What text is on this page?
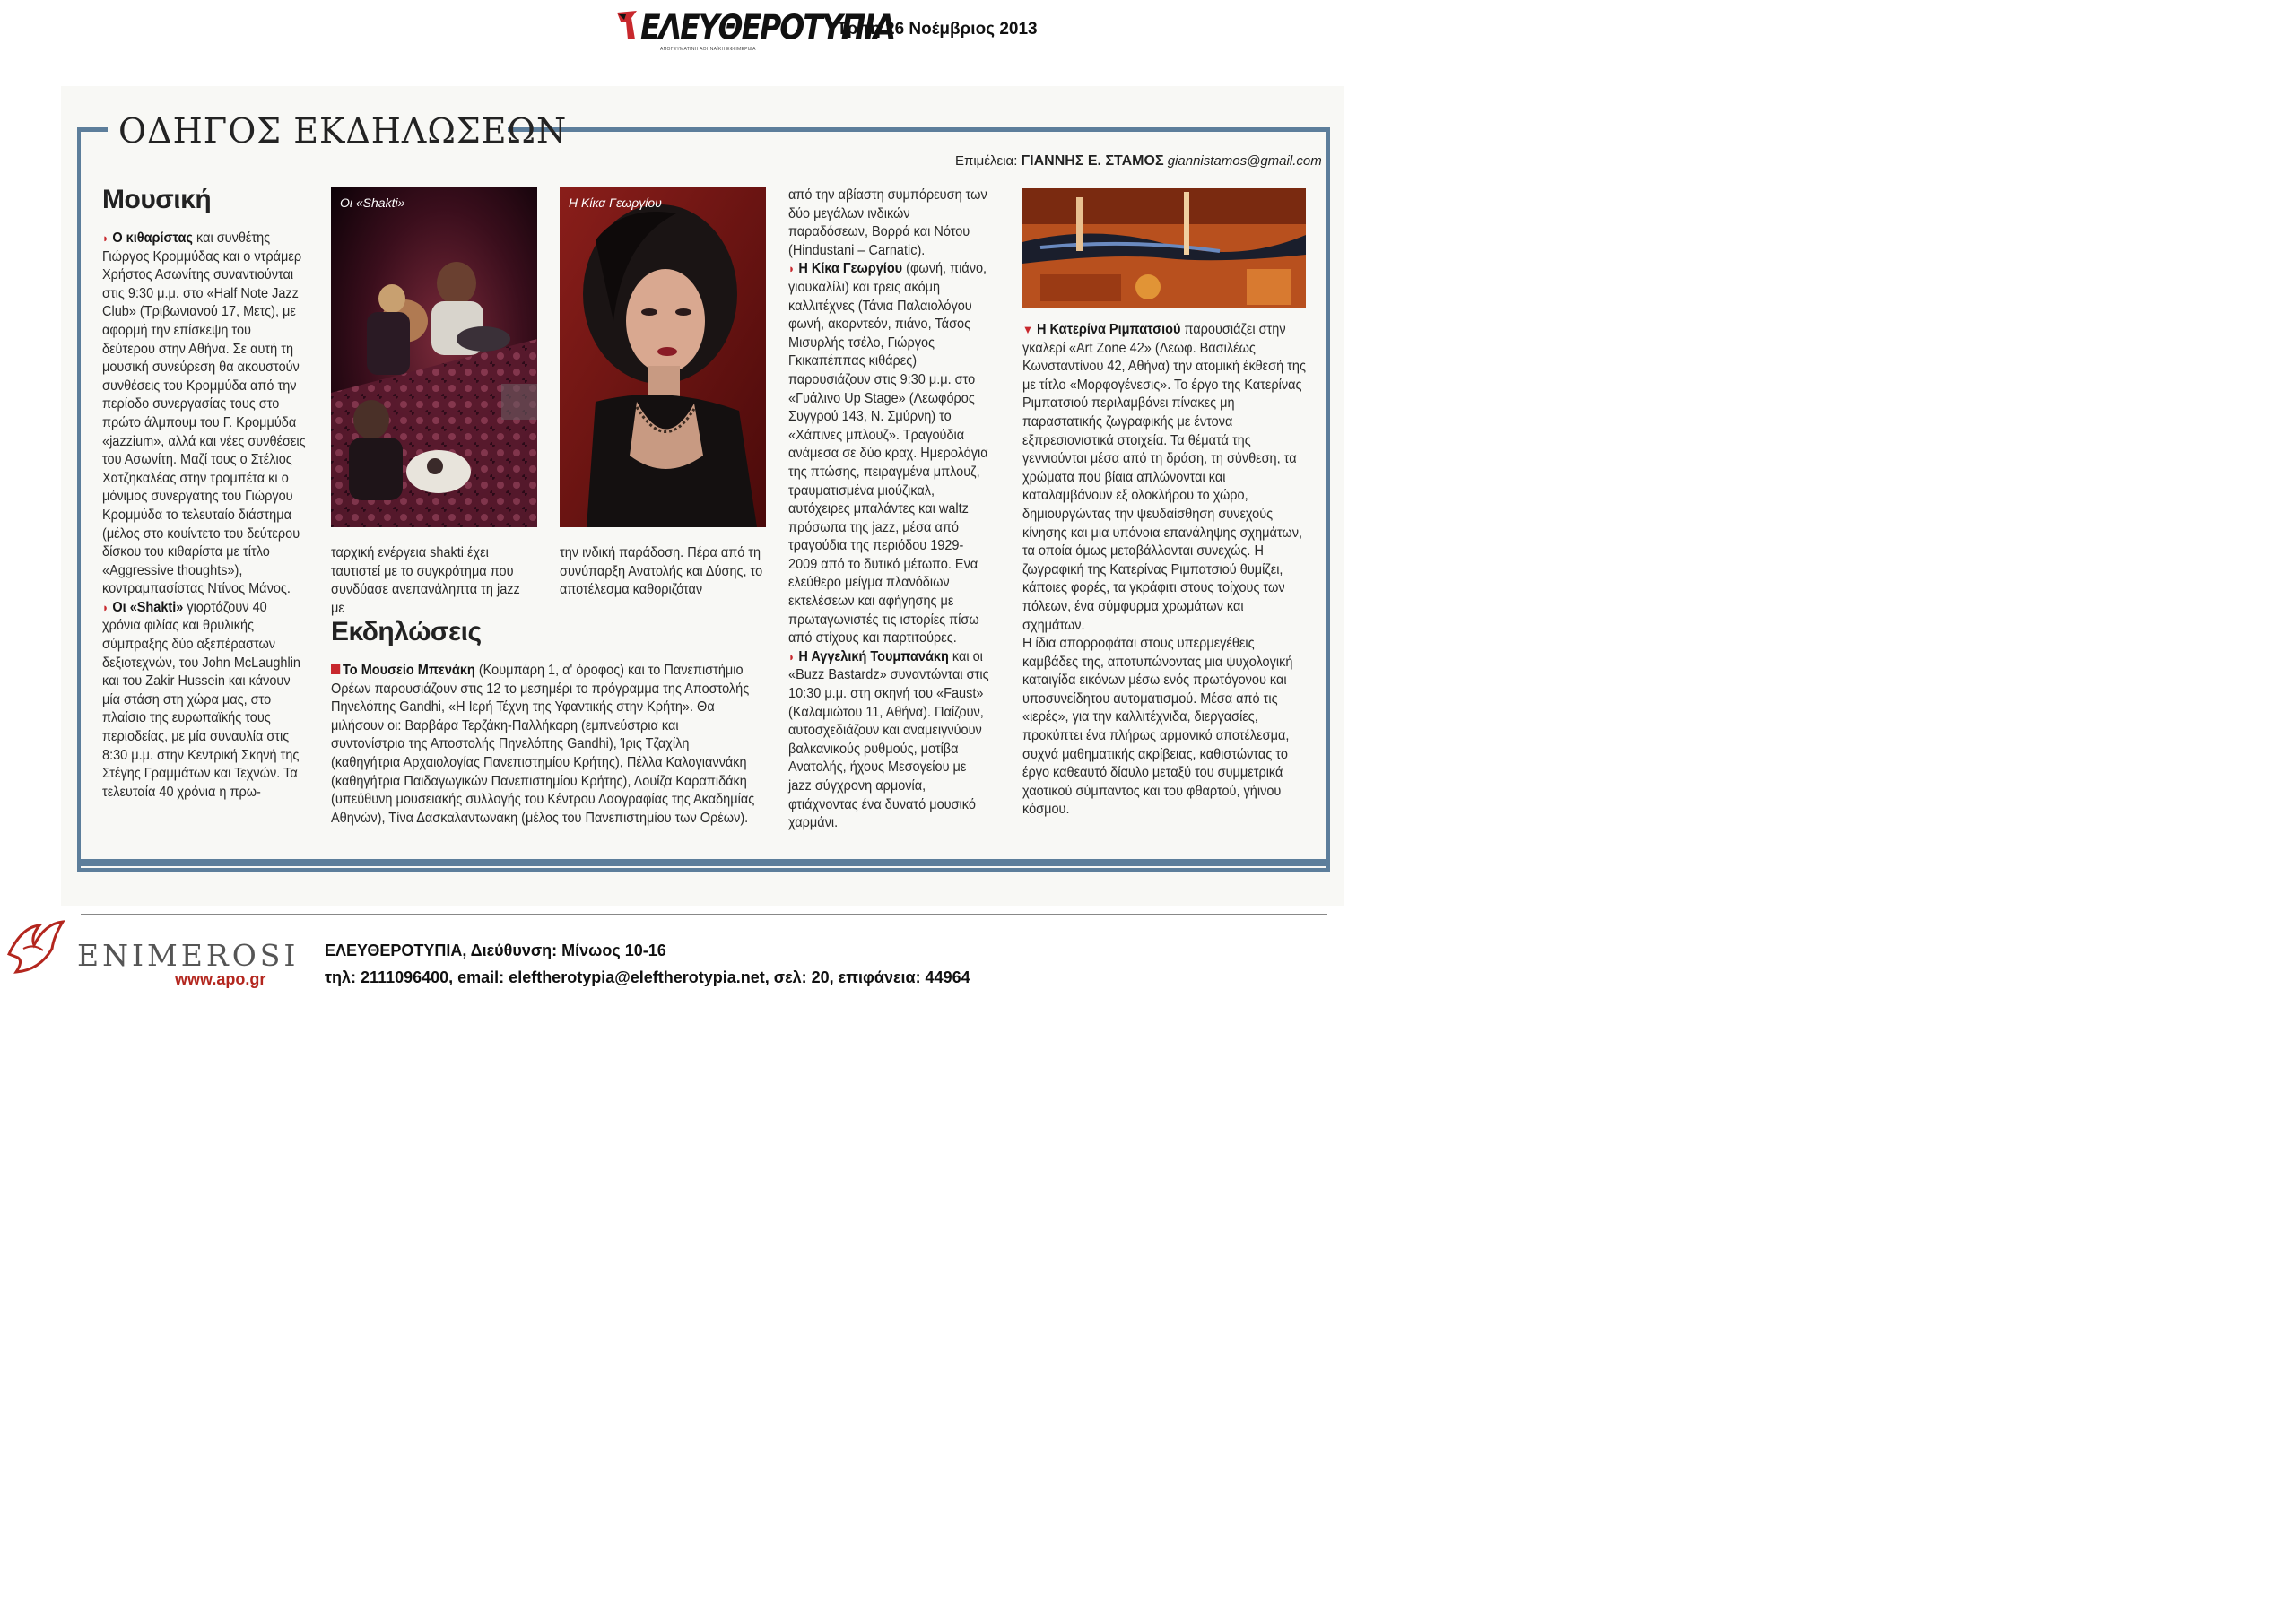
ΕΛΕΥΘΕΡΟΤΥΠΙΑ
ΑΠΟΓΕΥΜΑΤΙΝΗ ΑΘΗΝΑΪΚΗ ΕΦΗΜΕΡΙΔΑ
Τρίτη 26 Νοέμβριος 2013
ΟΔΗΓΟΣ ΕΚΔΗΛΩΣΕΩΝ
Επιμέλεια: ΓΙΑΝΝΗΣ Ε. ΣΤΑΜΟΣ giannistamos@gmail.com
Μουσική

◗ Ο κιθαρίστας και συνθέτης Γιώργος Κρομμύδας και ο ντράμερ Χρήστος Ασωνίτης συναντιούνται στις 9:30 μ.μ. στο «Half Note Jazz Club» (Τριβωνιανού 17, Μετς), με αφορμή την επίσκεψη του δεύτερου στην Αθήνα. Σε αυτή τη μουσική συνεύρεση θα ακουστούν συνθέσεις του Κρομμύδα από την περίοδο συνεργασίας τους στο πρώτο άλμπουμ του Γ. Κρομμύδα «jazzium», αλλά και νέες συνθέσεις του Ασωνίτη. Μαζί τους ο Στέλιος Χατζηκαλέας στην τρομπέτα κι ο μόνιμος συνεργάτης του Γιώργου Κρομμύδα το τελευταίο διάστημα (μέλος στο κουίντετο του δεύτερου δίσκου του κιθαρίστα με τίτλο «Aggressive thoughts»), κοντραμπασίστας Ντίνος Μάνος.

◗ Οι «Shakti» γιορτάζουν 40 χρόνια φιλίας και θρυλικής σύμπραξης δύο αξεπέραστων δεξιοτεχνών, του John McLaughlin και του Zakir Hussein και κάνουν μία στάση στη χώρα μας, στο πλαίσιο της ευρωπαϊκής τους περιοδείας, με μία συναυλία στις 8:30 μ.μ. στην Κεντρική Σκηνή της Στέγης Γραμμάτων και Τεχνών. Τα τελευταία 40 χρόνια η πρω-

Οι «Shakti»	Η Κίκα Γεωργίου

ταρχική ενέργεια shakti έχει ταυτιστεί με το συγκρότημα που συνδύασε ανεπανάληπτα τη jazz με

την ινδική παράδοση. Πέρα από τη συνύπαρξη Ανατολής και Δύσης, το αποτέλεσμα καθοριζόταν

Εκδηλώσεις

Το Μουσείο Μπενάκη (Κουμπάρη 1, α' όροφος) και το Πανεπιστήμιο Ορέων παρουσιάζουν στις 12 το μεσημέρι το πρόγραμμα της Αποστολής Πηνελόπης Gandhi, «Η Ιερή Τέχνη της Υφαντικής στην Κρήτη». Θα μιλήσουν οι: Βαρβάρα Τερζάκη-Παλλήκαρη (εμπνεύστρια και συντονίστρια της Αποστολής Πηνελόπης Gandhi), Ίρις Τζαχίλη (καθηγήτρια Αρχαιολογίας Πανεπιστημίου Κρήτης), Πέλλα Καλογιαννάκη (καθηγήτρια Παιδαγωγικών Πανεπιστημίου Κρήτης), Λουίζα Καραπιδάκη (υπεύθυνη μουσειακής συλλογής του Κέντρου Λαογραφίας της Ακαδημίας Αθηνών), Τίνα Δασκαλαντωνάκη (μέλος του Πανεπιστημίου των Ορέων).

από την αβίαστη συμπόρευση των δύο μεγάλων ινδικών παραδόσεων, Βορρά και Νότου (Hindustani – Carnatic).

◗ Η Κίκα Γεωργίου (φωνή, πιάνο, γιουκαλίλι) και τρεις ακόμη καλλιτέχνες (Τάνια Παλαιολόγου φωνή, ακορντεόν, πιάνο, Τάσος Μισυρλής τσέλο, Γιώργος Γκικαπέππας κιθάρες) παρουσιάζουν στις 9:30 μ.μ. στο «Γυάλινο Up Stage» (Λεωφόρος Συγγρού 143, Ν. Σμύρνη) το «Χάπινες μπλουζ». Τραγούδια ανάμεσα σε δύο κραχ. Ημερολόγια της πτώσης, πειραγμένα μπλουζ, τραυματισμένα μιούζικαλ, αυτόχειρες μπαλάντες και waltz πρόσωπα της jazz, μέσα από τραγούδια της περιόδου 1929-2009 από το δυτικό μέτωπο. Ενα ελεύθερο μείγμα πλανόδιων εκτελέσεων και αφήγησης με πρωταγωνιστές τις ιστορίες πίσω από στίχους και παρτιτούρες.

◗ Η Αγγελική Τουμπανάκη και οι «Buzz Bastardz» συναντώνται στις 10:30 μ.μ. στη σκηνή του «Faust» (Καλαμιώτου 11, Αθήνα). Παίζουν, αυτοσχεδιάζουν και αναμειγνύουν βαλκανικούς ρυθμούς, μοτίβα Ανατολής, ήχους Μεσογείου με jazz σύγχρονη αρμονία, φτιάχνοντας ένα δυνατό μουσικό χαρμάνι.

▼ Η Κατερίνα Ριμπατσιού παρουσιάζει στην γκαλερί «Art Zone 42» (Λεωφ. Βασιλέως Κωνσταντίνου 42, Αθήνα) την ατομική έκθεσή της με τίτλο «Μορφογένεσις». Το έργο της Κατερίνας Ριμπατσιού περιλαμβάνει πίνακες μη παραστατικής ζωγραφικής με έντονα εξπρεσιονιστικά στοιχεία. Τα θέματά της γεννιούνται μέσα από τη δράση, τη σύνθεση, τα χρώματα που βίαια απλώνονται και καταλαμβάνουν εξ ολοκλήρου το χώρο, δημιουργώντας την ψευδαίσθηση συνεχούς κίνησης και μια υπόνοια επανάληψης σχημάτων, τα οποία όμως μεταβάλλονται συνεχώς. Η ζωγραφική της Κατερίνας Ριμπατσιού θυμίζει, κάποιες φορές, τα γκράφιτι στους τοίχους των πόλεων, ένα σύμφυρμα χρωμάτων και σχημάτων.

Η ίδια απορροφάται στους υπερμεγέθεις καμβάδες της, αποτυπώνοντας μια ψυχολογική καταιγίδα εικόνων μέσω ενός πρωτόγονου και υποσυνείδητου αυτοματισμού. Μέσα από τις «ιερές», για την καλλιτέχνιδα, διεργασίες, προκύπτει ένα πλήρως αρμονικό αποτέλεσμα, συχνά μαθηματικής ακρίβειας, καθιστώντας το έργο καθεαυτό δίαυλο μεταξύ του συμμετρικά χαοτικού σύμπαντος και του φθαρτού, γήινου κόσμου.

ENIMEROSI
www.apo.gr
ΕΛΕΥΘΕΡΟΤΥΠΙΑ, Διεύθυνση: Μίνωος 10-16
τηλ: 2111096400, email: eleftherotypia@eleftherotypia.net, σελ: 20, επιφάνεια: 44964
